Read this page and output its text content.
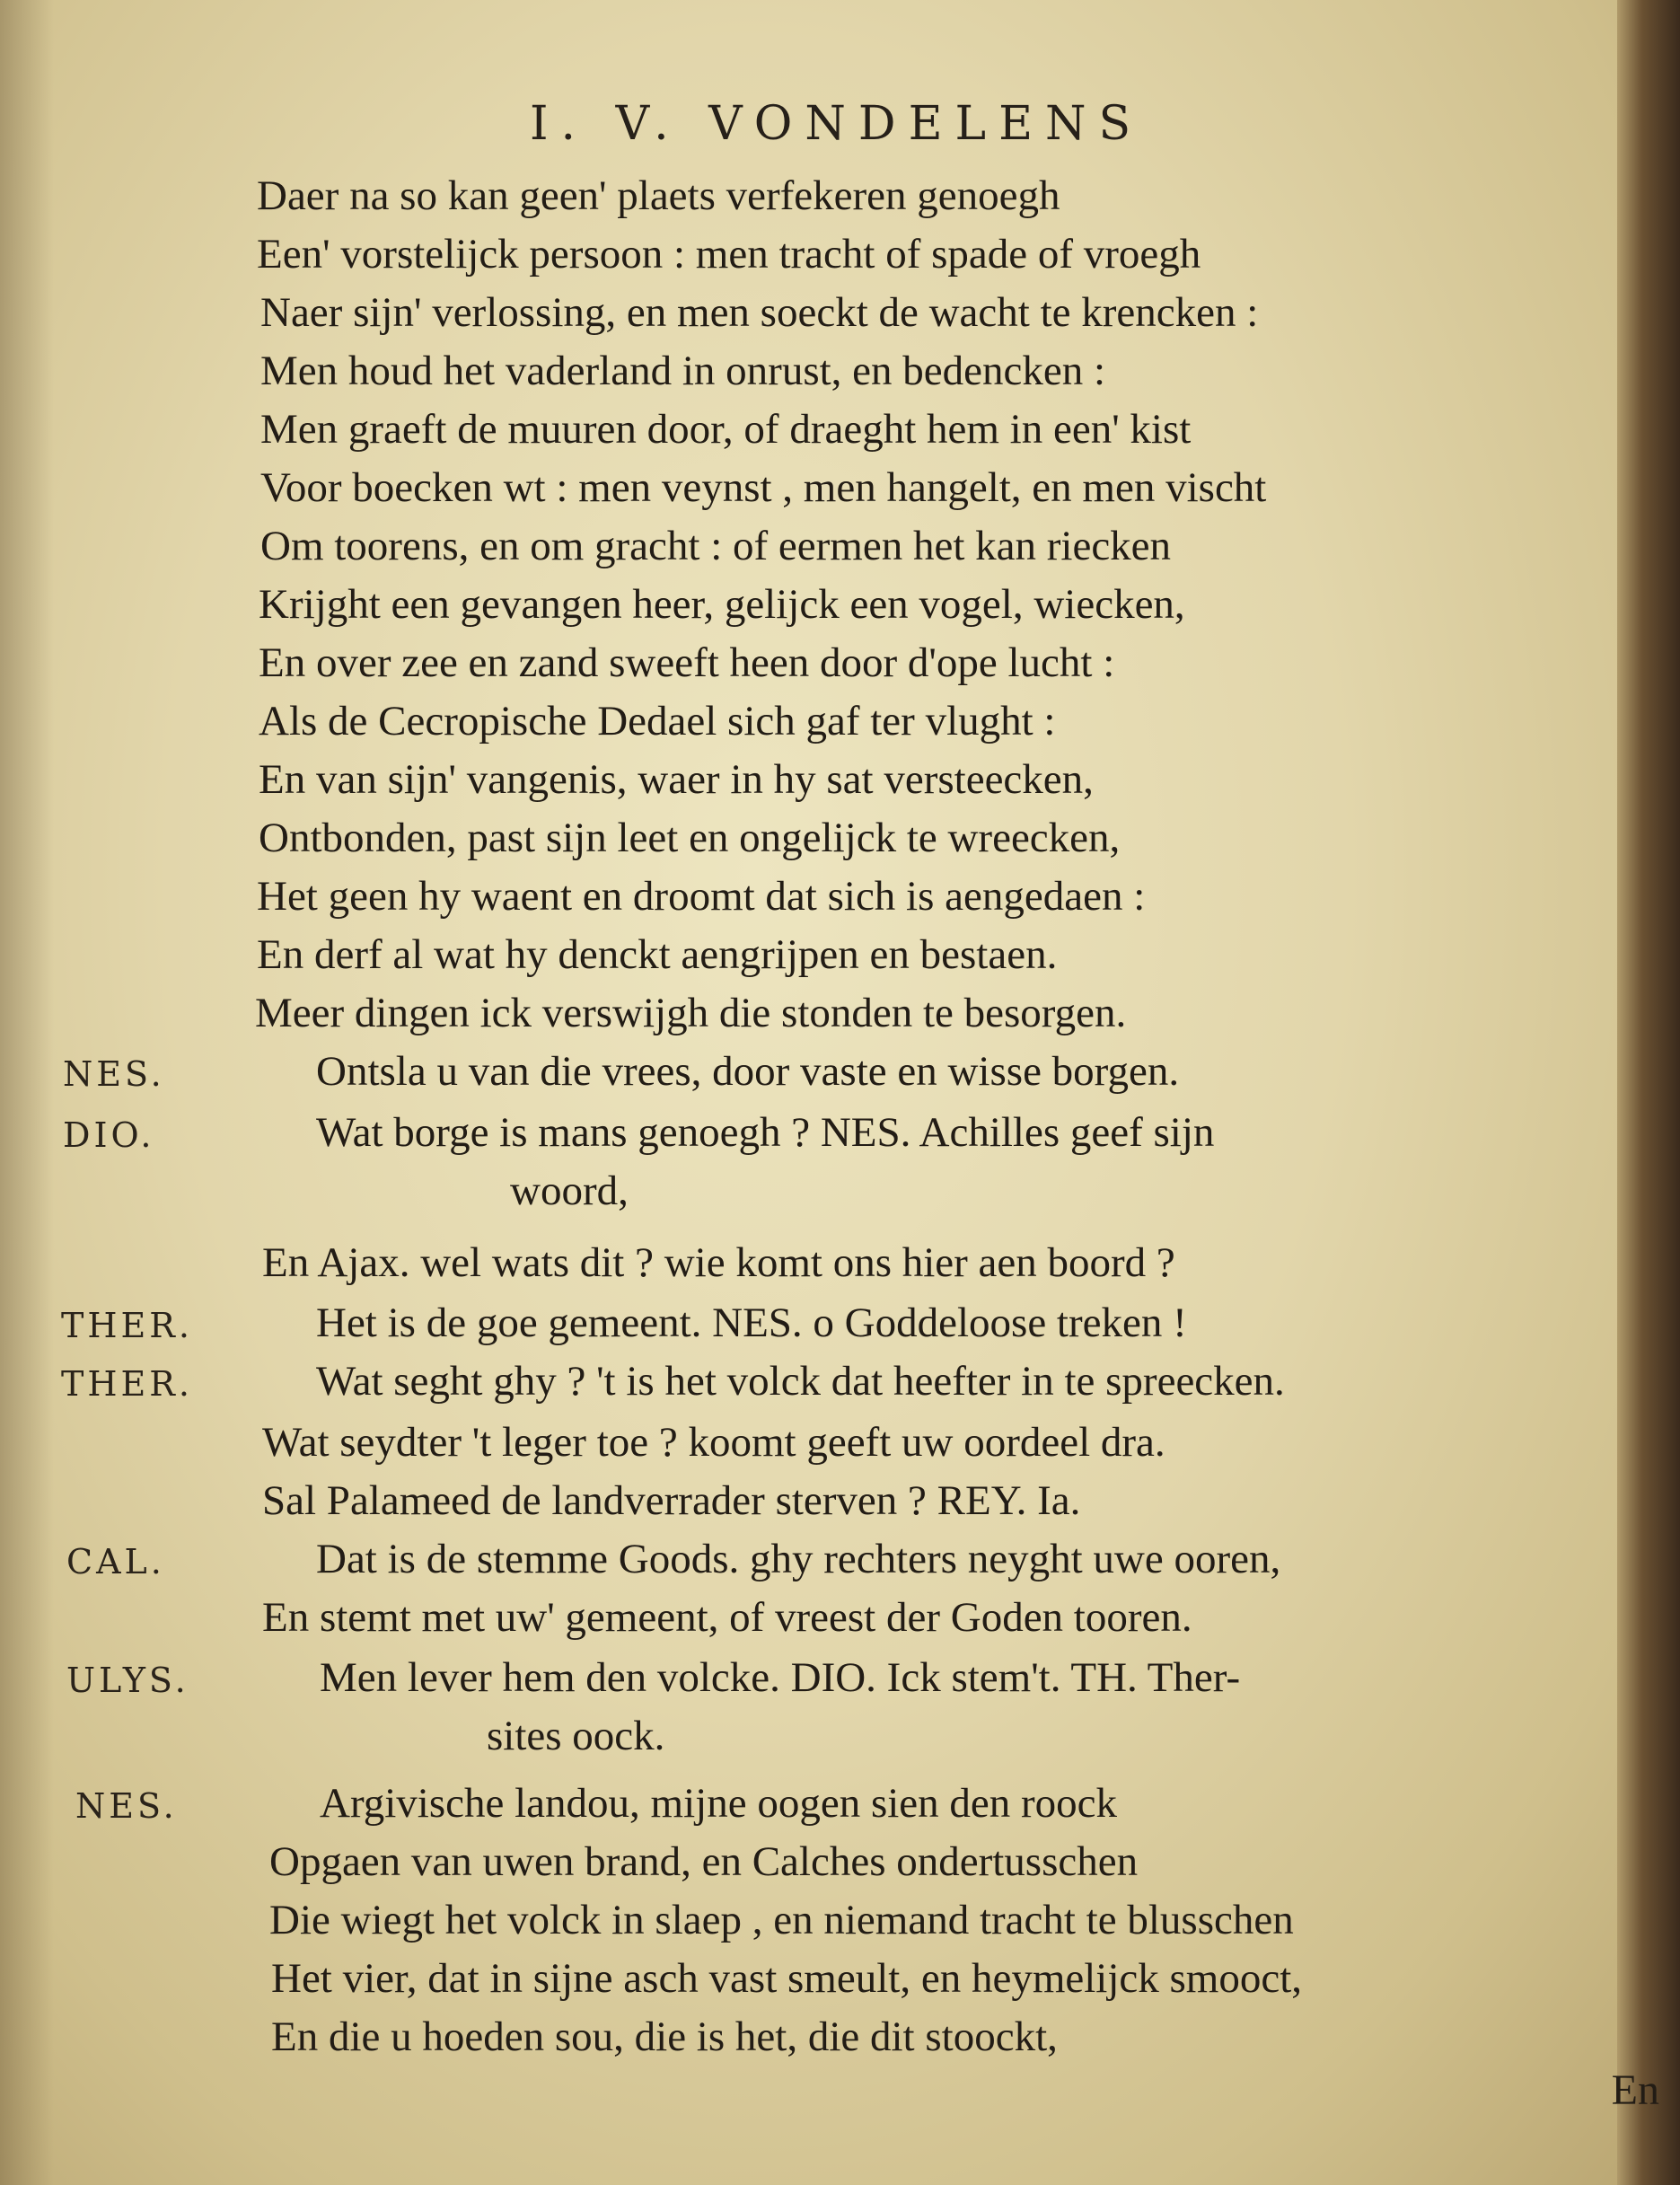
I. V. VONDELENS
Daer na so kan geen' plaets verfekeren genoegh
Een' vorstelijck persoon : men tracht of spade of vroegh
Naer sijn' verlossing, en men soeckt de wacht te krencken :
Men houd het vaderland in onrust, en bedencken :
Men graeft de muuren door, of draeght hem in een' kist
Voor boecken wt : men veynst , men hangelt, en men vischt
Om toorens, en om gracht : of eermen het kan riecken
Krijght een gevangen heer, gelijck een vogel, wiecken,
En over zee en zand sweeft heen door d'ope lucht :
Als de Cecropische Dedael sich gaf ter vlught :
En van sijn' vangenis, waer in hy sat versteecken,
Ontbonden, past sijn leet en ongelijck te wreecken,
Het geen hy waent en droomt dat sich is aengedaen :
En derf al wat hy denckt aengrijpen en bestaen.
Meer dingen ick verswijgh die stonden te besorgen.
NES.	Ontsla u van die vrees, door vaste en wisse borgen.
DIO.	Wat borge is mans genoegh ? NES. Achilles geef sijn
woord,
En Ajax. wel wats dit ? wie komt ons hier aen boord ?
THER.	Het is de goe gemeent. NES. o Goddeloose treken !
THER.	Wat seght ghy ? 't is het volck dat heefter in te spreecken.
Wat seydter 't leger toe ? koomt geeft uw oordeel dra.
Sal Palameed de landverrader sterven ? REY. Ia.
CAL.	Dat is de stemme Goods. ghy rechters neyght uwe ooren,
En stemt met uw' gemeent, of vreest der Goden tooren.
ULYS.	Men lever hem den volcke. DIO. Ick stem't. TH. Ther-
sites oock.
NES.	Argivische landou, mijne oogen sien den roock
Opgaen van uwen brand, en Calches ondertusschen
Die wiegt het volck in slaep , en niemand tracht te blusschen
Het vier, dat in sijne asch vast smeult, en heymelijck smooct,
En die u hoeden sou, die is het, die dit stoockt,
En
